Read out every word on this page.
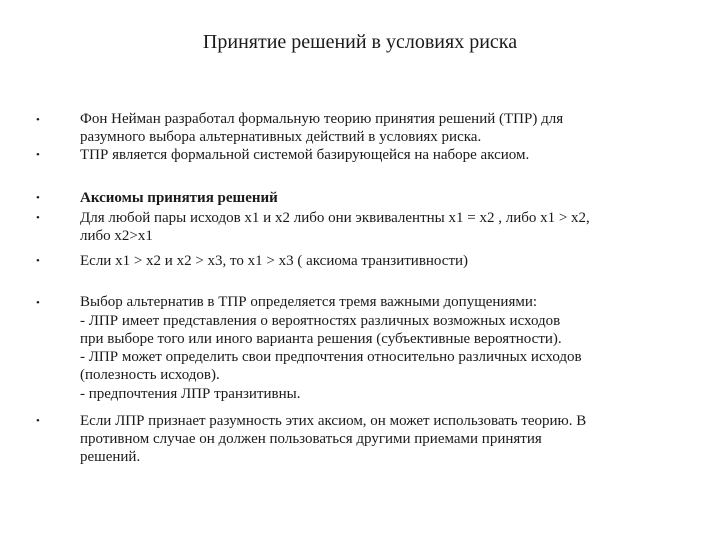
Принятие решений в условиях риска
•
•
•
•
•
•
•
Фон Нейман разработал формальную теорию принятия решений (ТПР) для
разумного выбора альтернативных действий в условиях риска.
ТПР является формальной системой базирующейся на наборе аксиом.
Аксиомы принятия решений
Для любой пары исходов x1 и x2 либо они эквивалентны x1 = x2 , либо x1 > x2,
либо x2>x1
Если x1 > x2 и x2 > x3, то x1 > x3 ( аксиома транзитивности)
Выбор альтернатив в ТПР определяется тремя важными допущениями:
- ЛПР имеет представления о вероятностях различных возможных исходов
при выборе того или иного варианта решения (субъективные вероятности).
- ЛПР может определить свои предпочтения относительно различных исходов
(полезность исходов).
- предпочтения ЛПР транзитивны.
Если ЛПР признает разумность этих аксиом, он может использовать теорию. В
противном случае он должен пользоваться другими приемами принятия
решений.
